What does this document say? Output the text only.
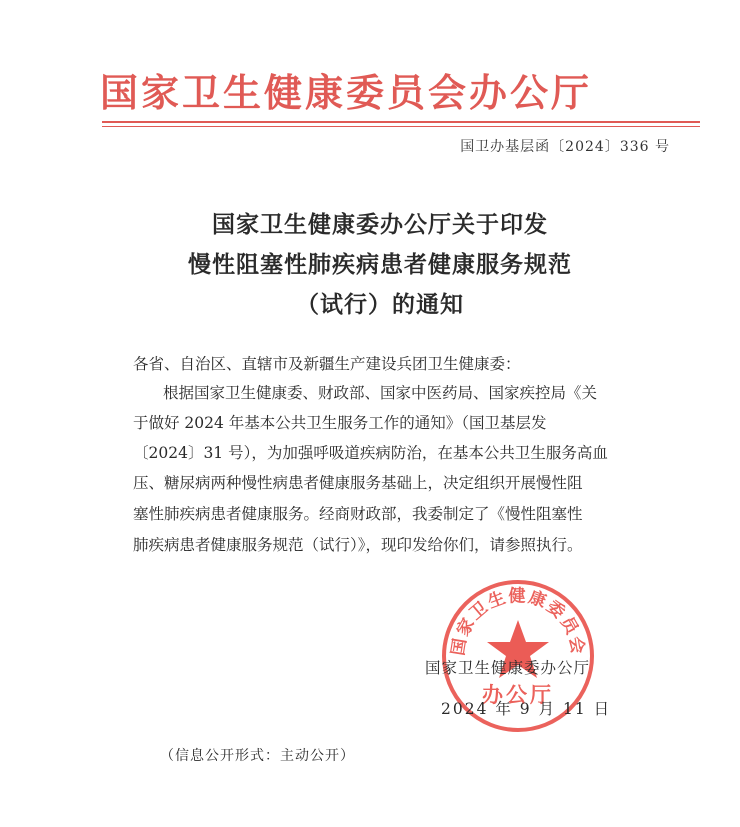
国家卫生健康委员会办公厅
国卫办基层函〔2024〕336 号
国家卫生健康委办公厅关于印发
慢性阻塞性肺疾病患者健康服务规范
（试行）的通知
各省、自治区、直辖市及新疆生产建设兵团卫生健康委：
根据国家卫生健康委、财政部、国家中医药局、国家疾控局《关
于做好 2024 年基本公共卫生服务工作的通知》（国卫基层发
〔2024〕31 号），为加强呼吸道疾病防治，在基本公共卫生服务高血
压、糖尿病两种慢性病患者健康服务基础上，决定组织开展慢性阻
塞性肺疾病患者健康服务。经商财政部，我委制定了《慢性阻塞性
肺疾病患者健康服务规范（试行）》，现印发给你们，请参照执行。
国家卫生健康委员会
办公厅
国家卫生健康委办公厅
2024 年 9 月 11 日
（信息公开形式：主动公开）
